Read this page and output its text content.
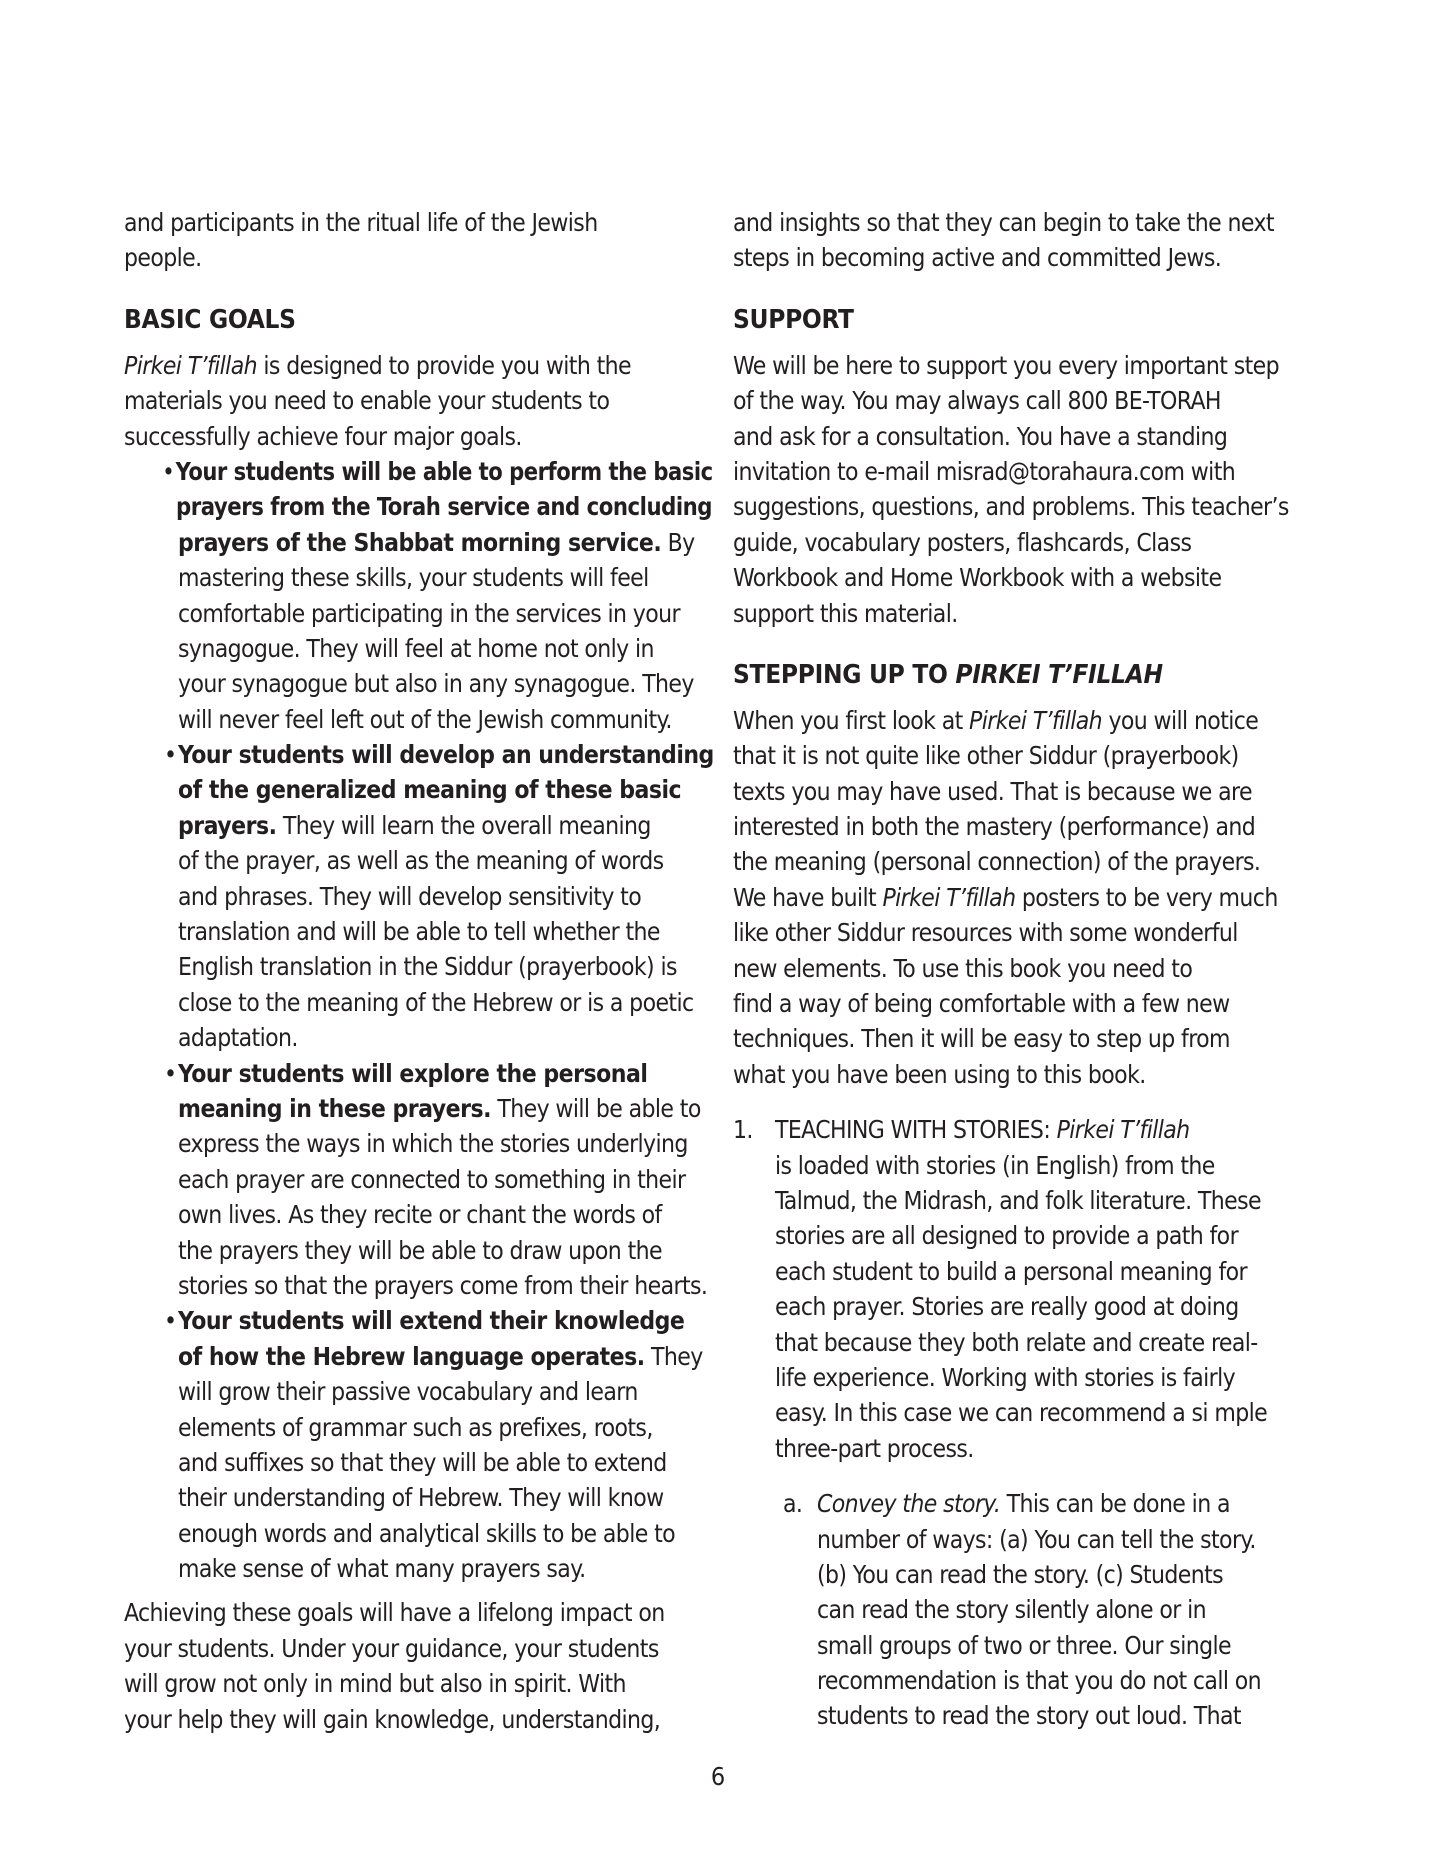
and participants in the ritual life of the Jewish
people.
BASIC GOALS
Pirkei T’fillah is designed to provide you with the
materials you need to enable your students to
successfully achieve four major goals.
•Your students will be able to perform the basic
prayers from the Torah service and concluding
prayers of the Shabbat morning service. By
mastering these skills, your students will feel
comfortable participating in the services in your
synagogue. They will feel at home not only in
your synagogue but also in any synagogue. They
will never feel left out of the Jewish community.
•Your students will develop an understanding
of the generalized meaning of these basic
prayers. They will learn the overall meaning
of the prayer, as well as the meaning of words
and phrases. They will develop sensitivity to
translation and will be able to tell whether the
English translation in the Siddur (prayerbook) is
close to the meaning of the Hebrew or is a poetic
adaptation.
•Your students will explore the personal
meaning in these prayers. They will be able to
express the ways in which the stories underlying
each prayer are connected to something in their
own lives. As they recite or chant the words of
the prayers they will be able to draw upon the
stories so that the prayers come from their hearts.
•Your students will extend their knowledge
of how the Hebrew language operates. They
will grow their passive vocabulary and learn
elements of grammar such as prefixes, roots,
and suffixes so that they will be able to extend
their understanding of Hebrew. They will know
enough words and analytical skills to be able to
make sense of what many prayers say.
Achieving these goals will have a lifelong impact on
your students. Under your guidance, your students
will grow not only in mind but also in spirit. With
your help they will gain knowledge, understanding,
and insights so that they can begin to take the next
steps in becoming active and committed Jews.
SUPPORT
We will be here to support you every important step
of the way. You may always call 800 BE-TORAH
and ask for a consultation. You have a standing
invitation to e-mail misrad@torahaura.com with
suggestions, questions, and problems. This teacher’s
guide, vocabulary posters, flashcards, Class
Workbook and Home Workbook with a website
support this material.
STEPPING UP TO PIRKEI T’FILLAH
When you first look at Pirkei T’fillah you will notice
that it is not quite like other Siddur (prayerbook)
texts you may have used. That is because we are
interested in both the mastery (performance) and
the meaning (personal connection) of the prayers.
We have built Pirkei T’fillah posters to be very much
like other Siddur resources with some wonderful
new elements. To use this book you need to
find a way of being comfortable with a few new
techniques. Then it will be easy to step up from
what you have been using to this book.
1. TEACHING WITH STORIES: Pirkei T’fillah
is loaded with stories (in English) from the
Talmud, the Midrash, and folk literature. These
stories are all designed to provide a path for
each student to build a personal meaning for
each prayer. Stories are really good at doing
that because they both relate and create real-
life experience. Working with stories is fairly
easy. In this case we can recommend a si mple
three-part process.
a. Convey the story. This can be done in a
number of ways: (a) You can tell the story.
(b) You can read the story. (c) Students
can read the story silently alone or in
small groups of two or three. Our single
recommendation is that you do not call on
students to read the story out loud. That
6
